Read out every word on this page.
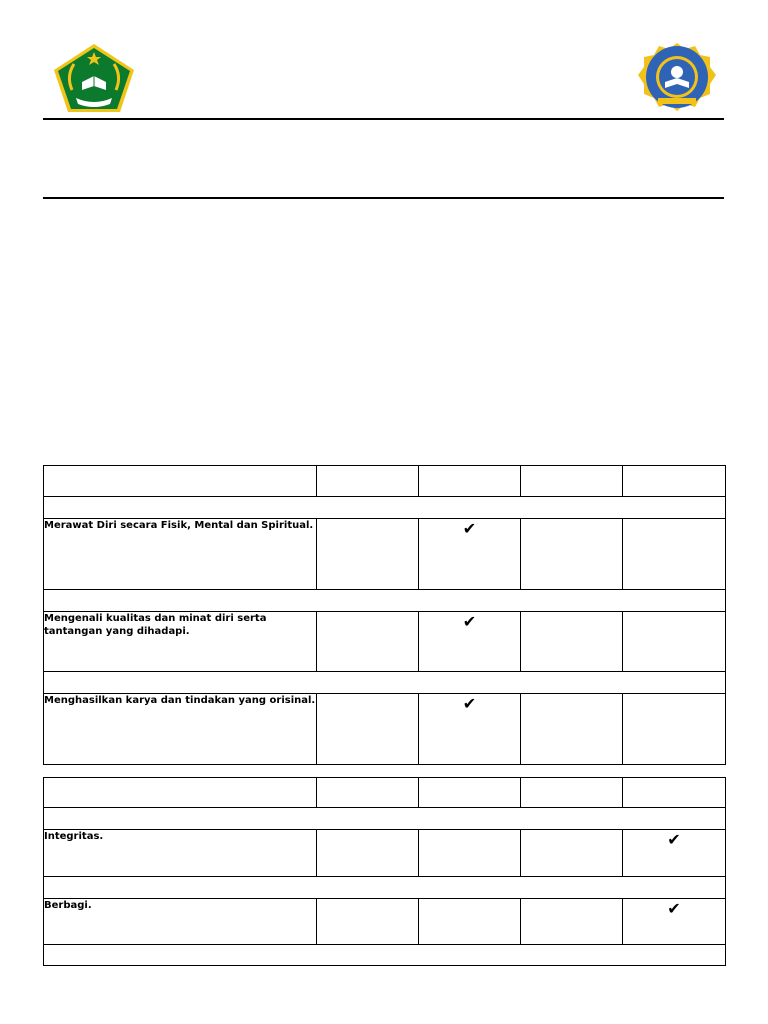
Merawat Diri secara Fisik, Mental dan Spiritual.		✔		

Mengenali kualitas dan minat diri serta tantangan yang dihadapi.		✔		

Menghasilkan karya dan tindakan yang orisinal.		✔		

Integritas.				✔

Berbagi.				✔
